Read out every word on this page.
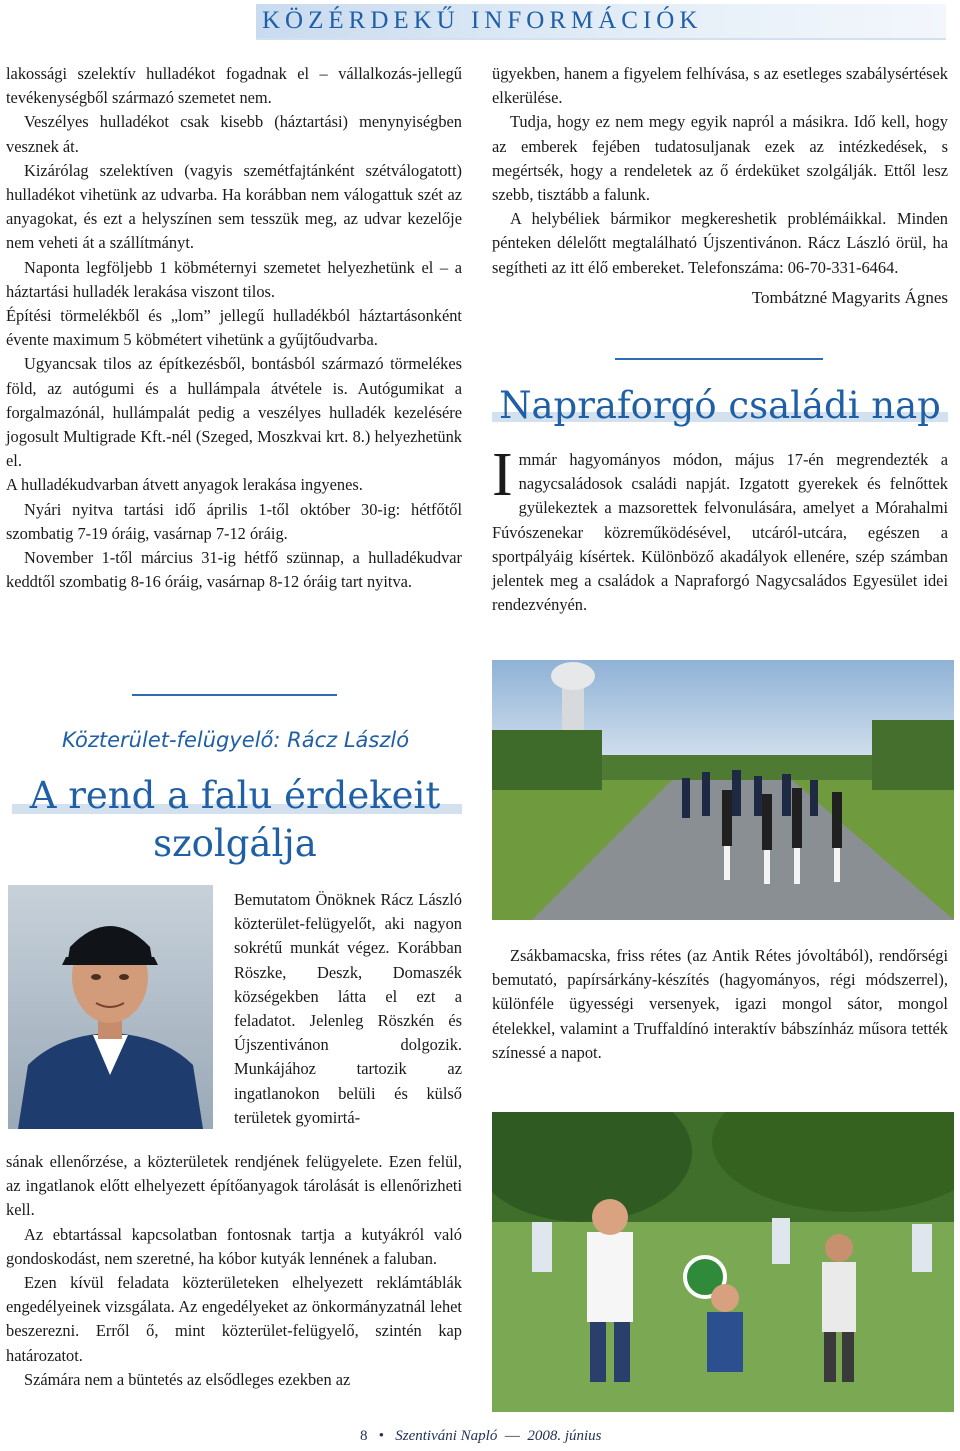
KÖZÉRDEKŰ INFORMÁCIÓK

lakossági szelektív hulladékot fogadnak el – vállalkozás-jellegű tevékenységből származó szemetet nem.

Veszélyes hulladékot csak kisebb (háztartási) menynyiségben vesznek át.

Kizárólag szelektíven (vagyis szemétfajtánként szétválogatott) hulladékot vihetünk az udvarba. Ha korábban nem válogattuk szét az anyagokat, és ezt a helyszínen sem tesszük meg, az udvar kezelője nem veheti át a szállítmányt.

Naponta legföljebb 1 köbméternyi szemetet helyezhetünk el – a háztartási hulladék lerakása viszont tilos.

Építési törmelékből és „lom” jellegű hulladékból háztartásonként évente maximum 5 köbmétert vihetünk a gyűjtőudvarba.

Ugyancsak tilos az építkezésből, bontásból származó törmelékes föld, az autógumi és a hullámpala átvétele is. Autógumikat a forgalmazónál, hullámpalát pedig a veszélyes hulladék kezelésére jogosult Multigrade Kft.-nél (Szeged, Moszkvai krt. 8.) helyezhetünk el.

A hulladékudvarban átvett anyagok lerakása ingyenes.

Nyári nyitva tartási idő április 1-től október 30-ig: hétfőtől szombatig 7-19 óráig, vasárnap 7-12 óráig.

November 1-től március 31-ig hétfő szünnap, a hulladékudvar keddtől szombatig 8-16 óráig, vasárnap 8-12 óráig tart nyitva.

ügyekben, hanem a figyelem felhívása, s az esetleges szabálysértések elkerülése.

Tudja, hogy ez nem megy egyik napról a másikra. Idő kell, hogy az emberek fejében tudatosuljanak ezek az intézkedések, s megértsék, hogy a rendeletek az ő érdeküket szolgálják. Ettől lesz szebb, tisztább a falunk.

A helybéliek bármikor megkereshetik problémáikkal. Minden pénteken délelőtt megtalálható Újszentivánon. Rácz László örül, ha segítheti az itt élő embereket. Telefonszáma: 06-70-331-6464.

Tombátzné Magyarits Ágnes

Napraforgó családi nap

Immár hagyományos módon, május 17-én megrendezték a nagycsaládosok családi napját. Izgatott gyerekek és felnőttek gyülekeztek a mazsorettek felvonulására, amelyet a Mórahalmi Fúvószenekar közreműködésével, utcáról-utcára, egészen a sportpályáig kísértek. Különböző akadályok ellenére, szép számban jelentek meg a családok a Napraforgó Nagycsaládos Egyesület idei rendezvényén.

Közterület-felügyelő: Rácz László
A rend a falu érdekeit szolgálja

Bemutatom Önöknek Rácz László közterület-felügyelőt, aki nagyon sokrétű munkát végez. Korábban Röszke, Deszk, Domaszék községekben látta el ezt a feladatot. Jelenleg Röszkén és Újszentivánon dolgozik. Munkájához tartozik az ingatlanokon belüli és külső területek gyomirtá-

sának ellenőrzése, a közterületek rendjének felügyelete. Ezen felül, az ingatlanok előtt elhelyezett építőanyagok tárolását is ellenőrizheti kell.

Az ebtartással kapcsolatban fontosnak tartja a kutyákról való gondoskodást, nem szeretné, ha kóbor kutyák lennének a faluban.

Ezen kívül feladata közterületeken elhelyezett reklámtáblák engedélyeinek vizsgálata. Az engedélyeket az önkormányzatnál lehet beszerezni. Erről ő, mint közterület-felügyelő, szintén kap határozatot.

Számára nem a büntetés az elsődleges ezekben az

Zsákbamacska, friss rétes (az Antik Rétes jóvoltából), rendőrségi bemutató, papírsárkány-készítés (hagyományos, régi módszerrel), különféle ügyességi versenyek, igazi mongol sátor, mongol ételekkel, valamint a Truffaldínó interaktív bábszínház műsora tették színessé a napot.

8 • Szentiváni Napló  —  2008. június
